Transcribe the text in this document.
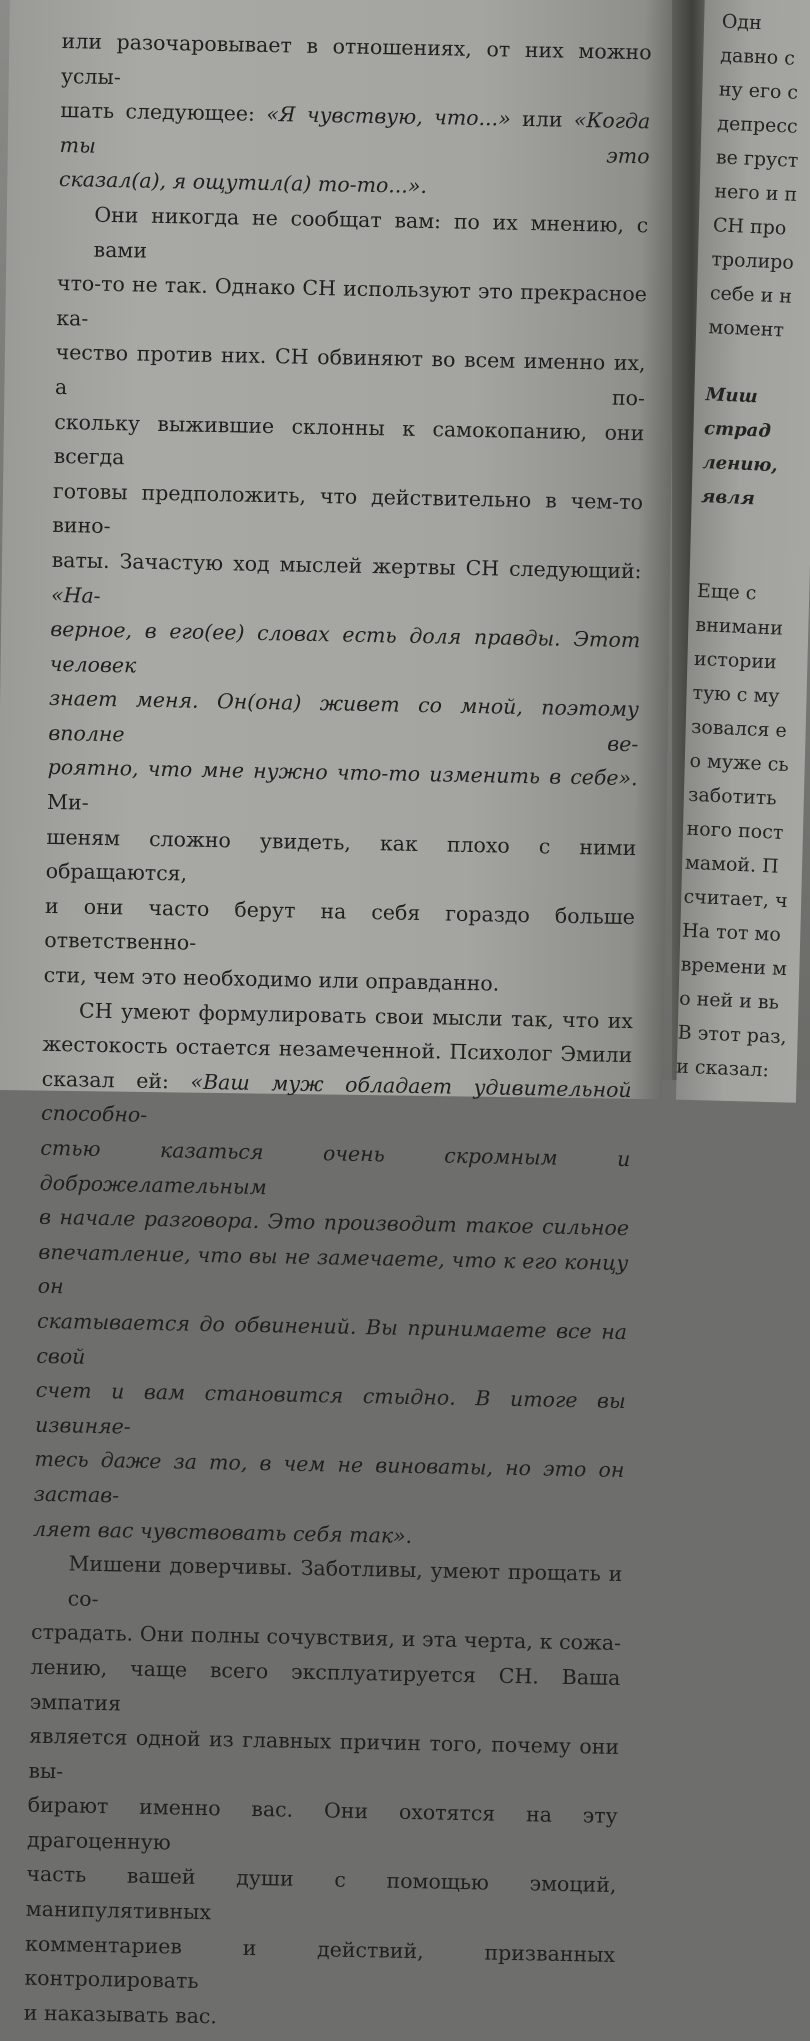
Одн
давно с
ну его с
депресс
ве груст
него и п
СН про
тролиро
себе и н
момент
Миш
страд
лению,
явля
Еще с
внимани
истории
тую с му
зовался е
о муже сь
заботить
ного пост
мамой. П
считает, ч
На тот мо
времени м
о ней и вь
В этот раз,
и сказал:
или разочаровывает в отношениях, от них можно услы-
шать следующее: «Я чувствую, что...» или «Когда ты это
сказал(а), я ощутил(а) то-то...».
Они никогда не сообщат вам: по их мнению, с вами
что-то не так. Однако СН используют это прекрасное ка-
чество против них. СН обвиняют во всем именно их, а по-
скольку выжившие склонны к самокопанию, они всегда
готовы предположить, что действительно в чем-то вино-
ваты. Зачастую ход мыслей жертвы СН следующий: «На-
верное, в его(ее) словах есть доля правды. Этот человек
знает меня. Он(она) живет со мной, поэтому вполне ве-
роятно, что мне нужно что-то изменить в себе». Ми-
шеням сложно увидеть, как плохо с ними обращаются,
и они часто берут на себя гораздо больше ответственно-
сти, чем это необходимо или оправданно.
СН умеют формулировать свои мысли так, что их
жестокость остается незамеченной. Психолог Эмили
сказал ей: «Ваш муж обладает удивительной способно-
стью казаться очень скромным и доброжелательным
в начале разговора. Это производит такое сильное
впечатление, что вы не замечаете, что к его концу он
скатывается до обвинений. Вы принимаете все на свой
счет и вам становится стыдно. В итоге вы извиняе-
тесь даже за то, в чем не виноваты, но это он застав-
ляет вас чувствовать себя так».
Мишени доверчивы. Заботливы, умеют прощать и со-
страдать. Они полны сочувствия, и эта черта, к сожа-
лению, чаще всего эксплуатируется СН. Ваша эмпатия
является одной из главных причин того, почему они вы-
бирают именно вас. Они охотятся на эту драгоценную
часть вашей души с помощью эмоций, манипулятивных
комментариев и действий, призванных контролировать
и наказывать вас.
